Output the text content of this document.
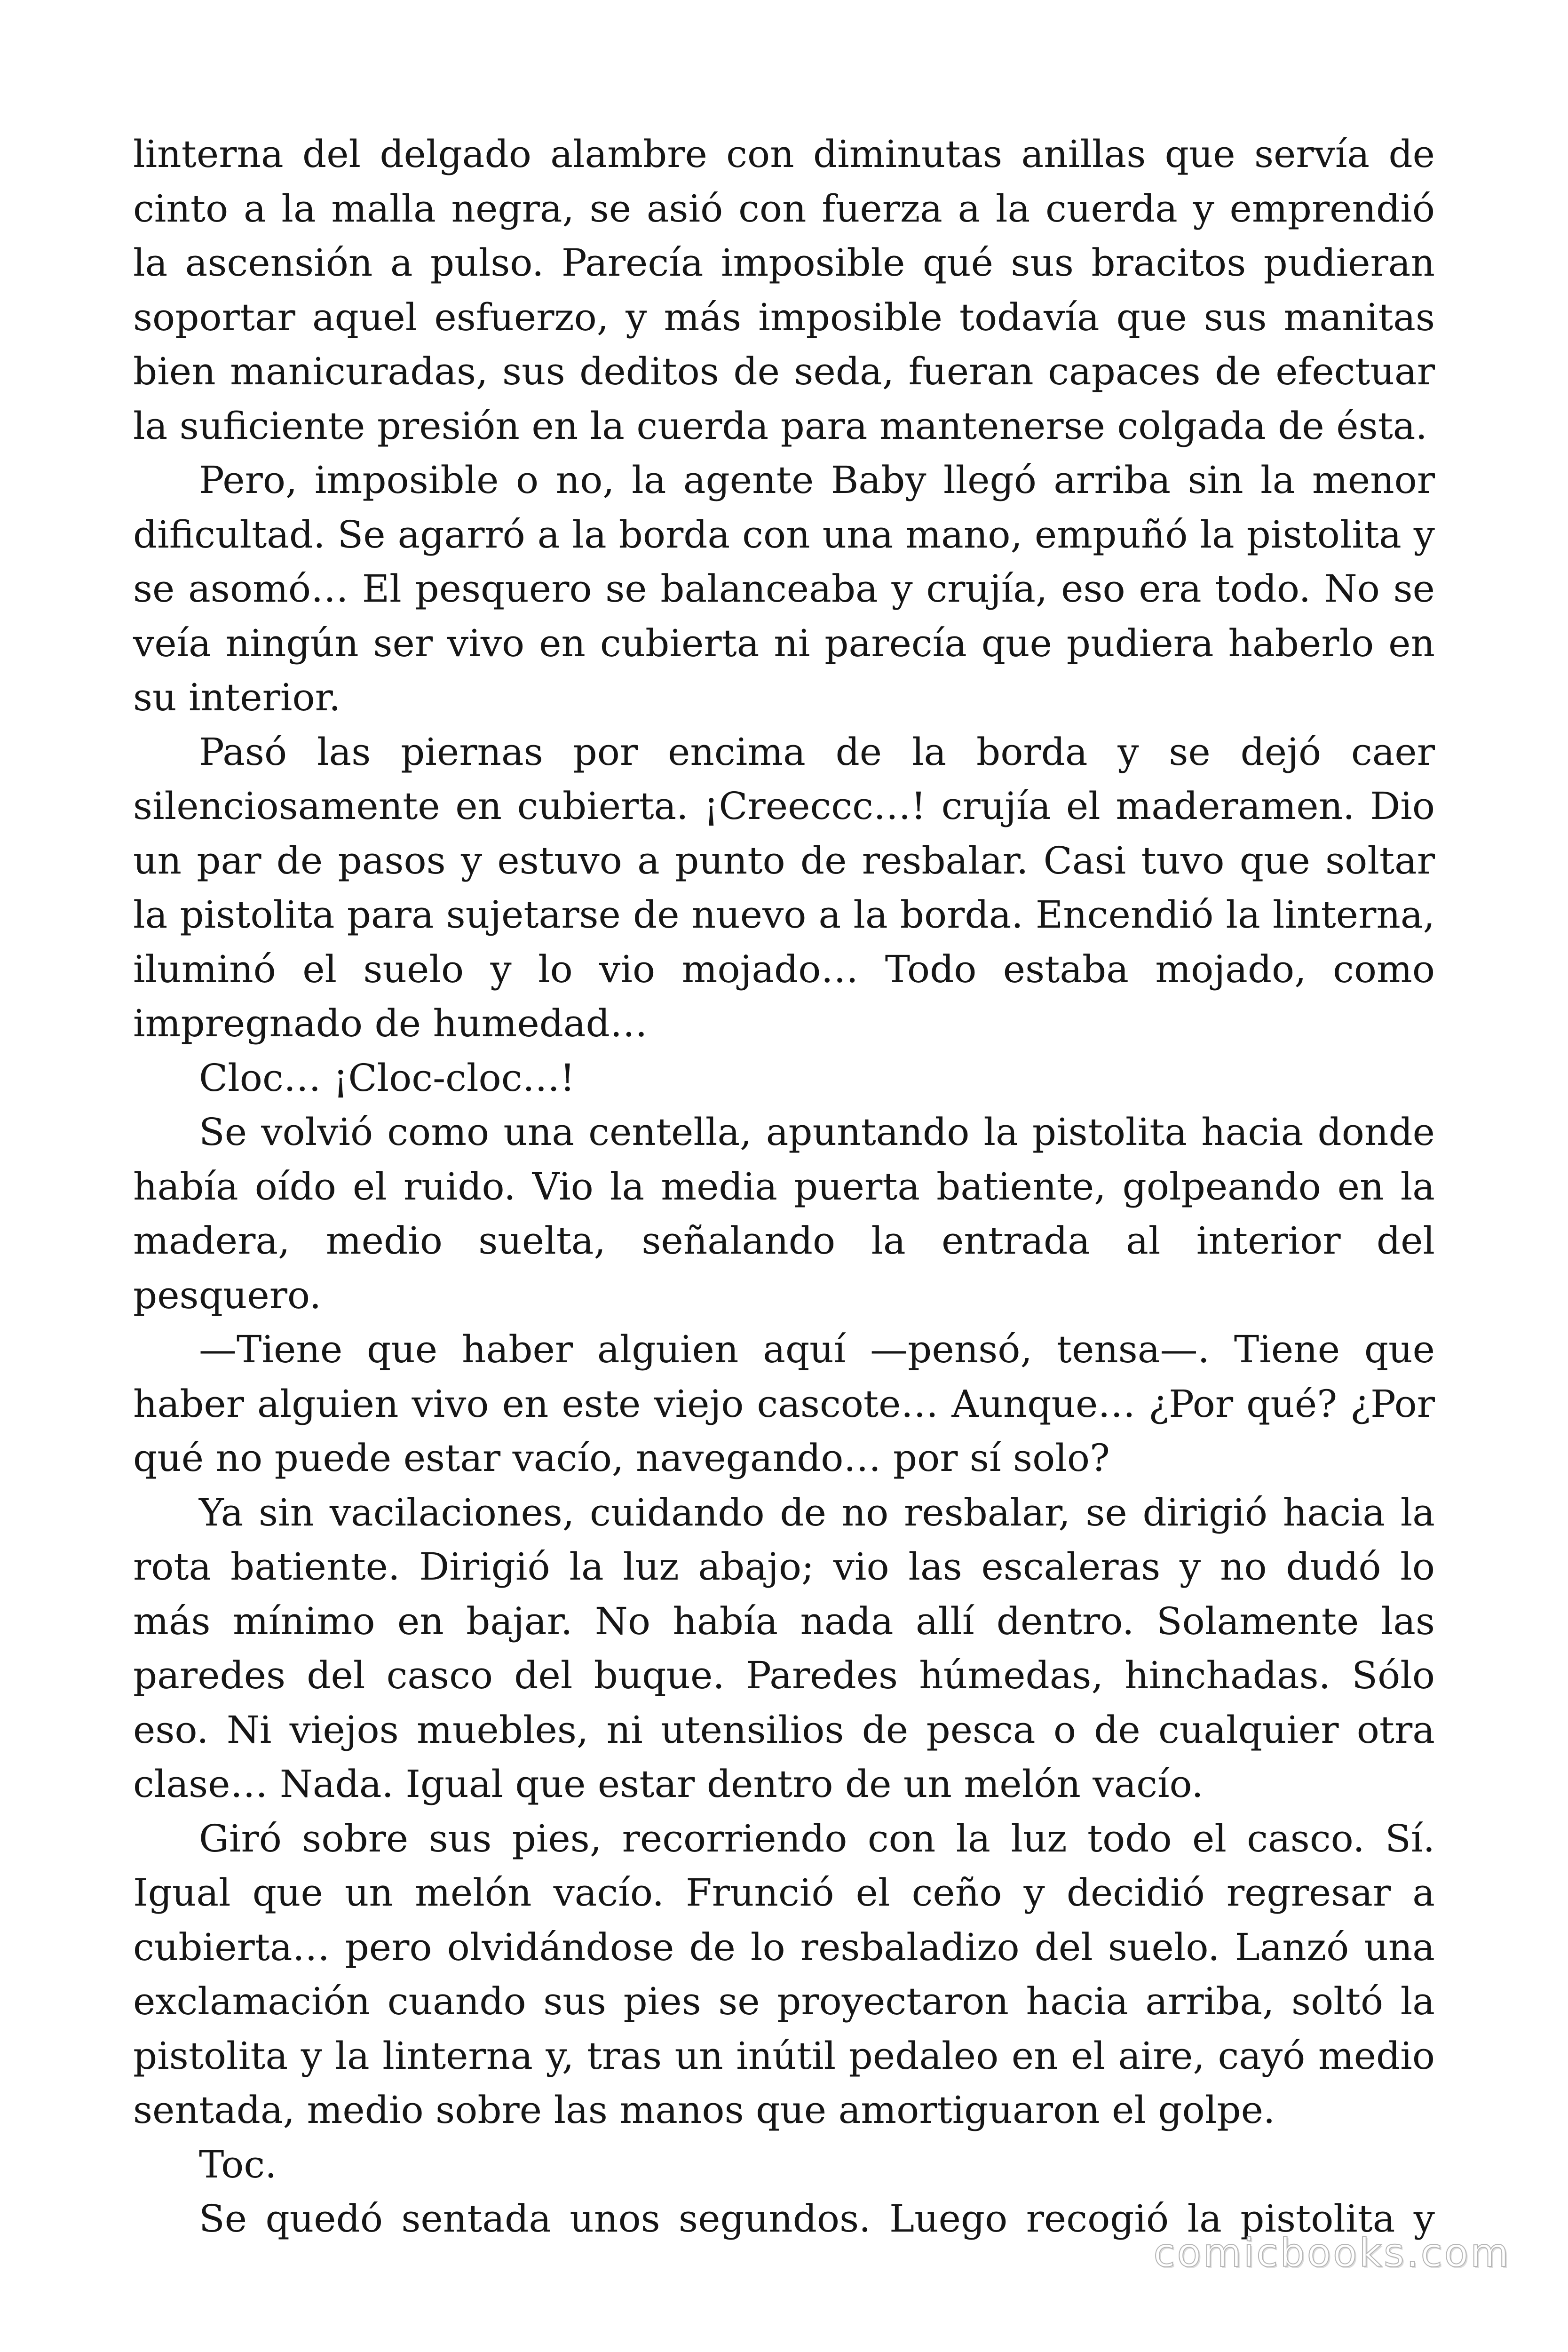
linterna del delgado alambre con diminutas anillas que servía de cinto a la malla negra, se asió con fuerza a la cuerda y emprendió la ascensión a pulso. Parecía imposible qué sus bracitos pudieran soportar aquel esfuerzo, y más imposible todavía que sus manitas bien manicuradas, sus deditos de seda, fueran capaces de efectuar la suficiente presión en la cuerda para mantenerse colgada de ésta.

Pero, imposible o no, la agente Baby llegó arriba sin la menor dificultad. Se agarró a la borda con una mano, empuñó la pistolita y se asomó… El pesquero se balanceaba y crujía, eso era todo. No se veía ningún ser vivo en cubierta ni parecía que pudiera haberlo en su interior.

Pasó las piernas por encima de la borda y se dejó caer silenciosamente en cubierta. ¡Creeccc…! crujía el maderamen. Dio un par de pasos y estuvo a punto de resbalar. Casi tuvo que soltar la pistolita para sujetarse de nuevo a la borda. Encendió la linterna, iluminó el suelo y lo vio mojado… Todo estaba mojado, como impregnado de humedad…

Cloc… ¡Cloc-cloc…!

Se volvió como una centella, apuntando la pistolita hacia donde había oído el ruido. Vio la media puerta batiente, golpeando en la madera, medio suelta, señalando la entrada al interior del pesquero.

—Tiene que haber alguien aquí —pensó, tensa—. Tiene que haber alguien vivo en este viejo cascote… Aunque… ¿Por qué? ¿Por qué no puede estar vacío, navegando… por sí solo?

Ya sin vacilaciones, cuidando de no resbalar, se dirigió hacia la rota batiente. Dirigió la luz abajo; vio las escaleras y no dudó lo más mínimo en bajar. No había nada allí dentro. Solamente las paredes del casco del buque. Paredes húmedas, hinchadas. Sólo eso. Ni viejos muebles, ni utensilios de pesca o de cualquier otra clase… Nada. Igual que estar dentro de un melón vacío.

Giró sobre sus pies, recorriendo con la luz todo el casco. Sí. Igual que un melón vacío. Frunció el ceño y decidió regresar a cubierta… pero olvidándose de lo resbaladizo del suelo. Lanzó una exclamación cuando sus pies se proyectaron hacia arriba, soltó la pistolita y la linterna y, tras un inútil pedaleo en el aire, cayó medio sentada, medio sobre las manos que amortiguaron el golpe.

Toc.

Se quedó sentada unos segundos. Luego recogió la pistolita y

comicbooks.com
